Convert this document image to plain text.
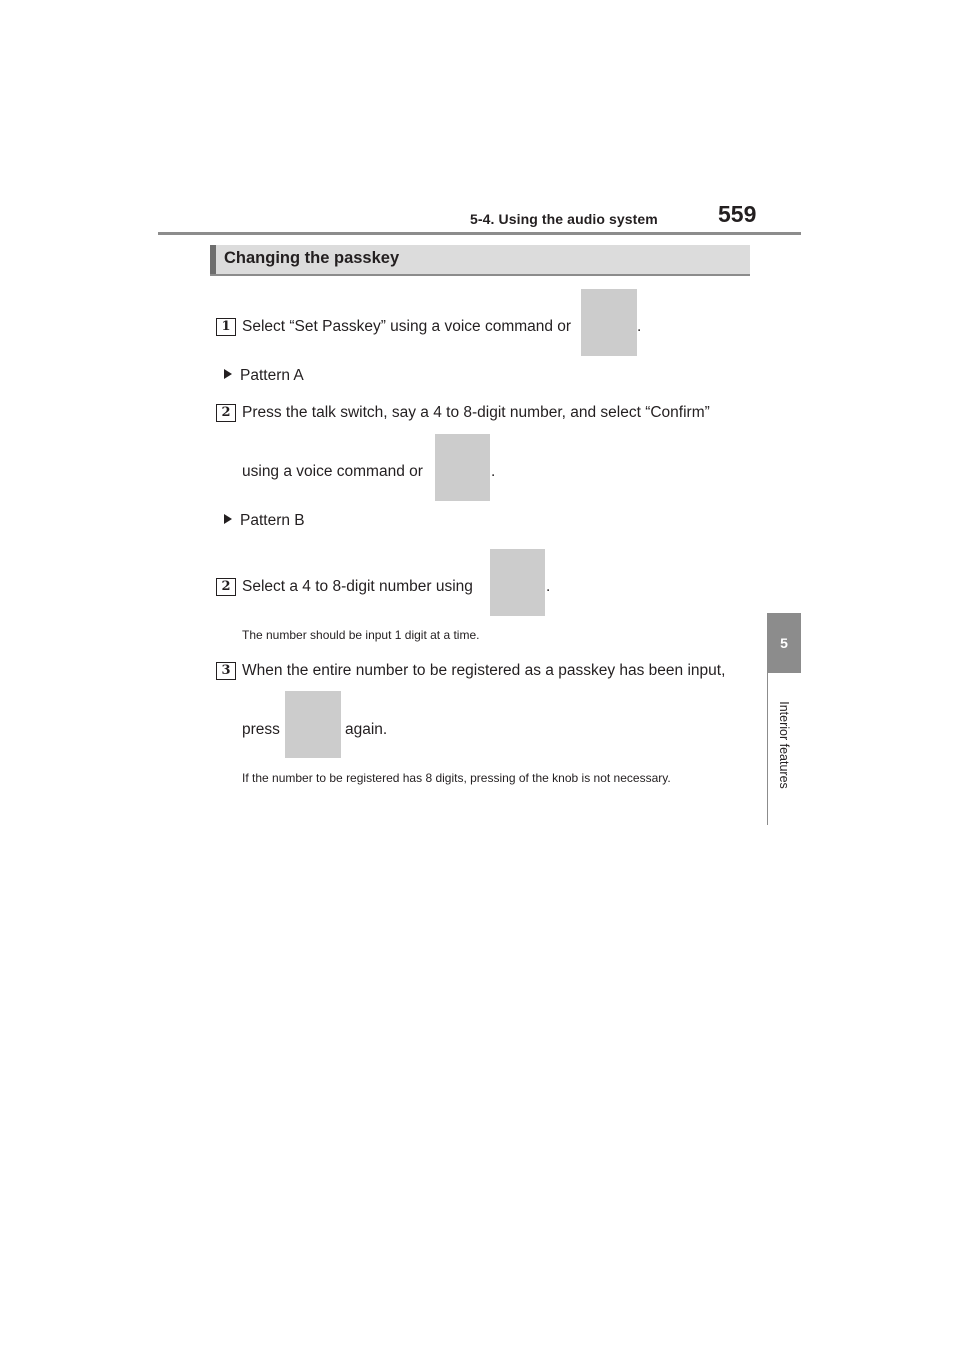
5-4. Using the audio system	559
5
Interior features
Changing the passkey
1 Select “Set Passkey” using a voice command or	.
Pattern A
2 Press the talk switch, say a 4 to 8-digit number, and select “Confirm”
using a voice command or	.
Pattern B
2 Select a 4 to 8-digit number using	.
The number should be input 1 digit at a time.
3 When the entire number to be registered as a passkey has been input,
press	again.
If the number to be registered has 8 digits, pressing of the knob is not necessary.
